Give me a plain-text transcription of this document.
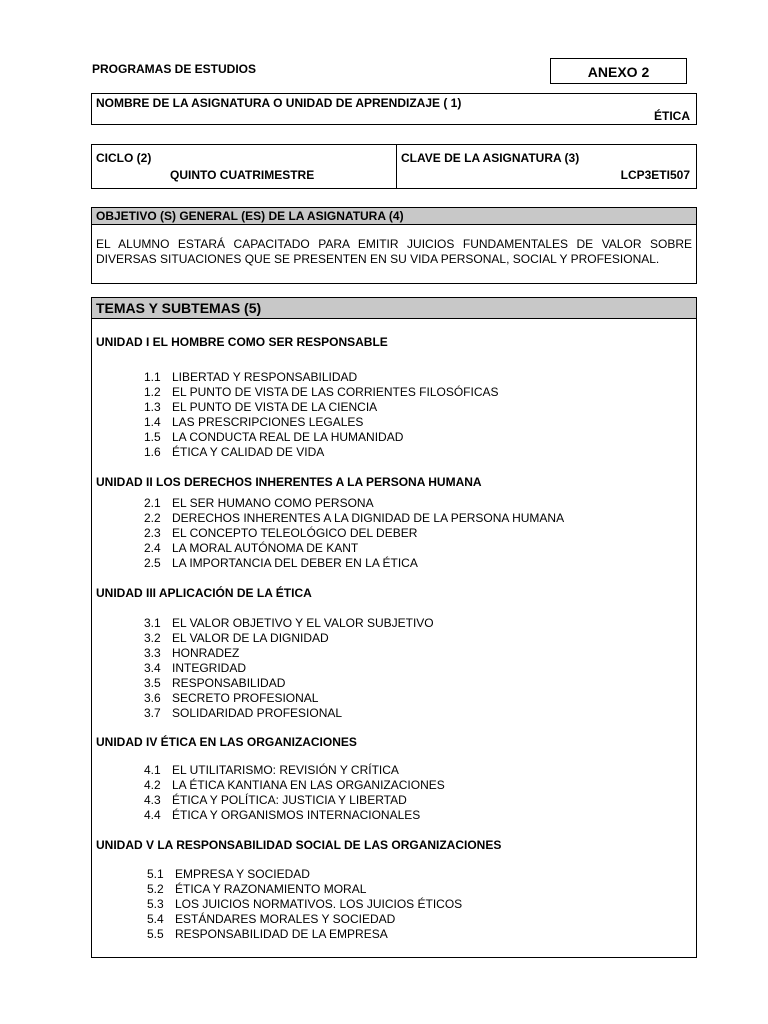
PROGRAMAS DE ESTUDIOS	ANEXO 2
NOMBRE DE LA ASIGNATURA O UNIDAD DE APRENDIZAJE ( 1)
ÉTICA
CICLO (2)
QUINTO CUATRIMESTRE
CLAVE DE LA ASIGNATURA (3)
LCP3ETI507
OBJETIVO (S) GENERAL (ES) DE LA ASIGNATURA (4)
EL ALUMNO ESTARÁ CAPACITADO PARA EMITIR JUICIOS FUNDAMENTALES DE VALOR SOBRE DIVERSAS SITUACIONES QUE SE PRESENTEN EN SU VIDA PERSONAL, SOCIAL Y PROFESIONAL.
TEMAS Y SUBTEMAS (5)
UNIDAD I EL HOMBRE COMO SER RESPONSABLE
1.1 LIBERTAD Y RESPONSABILIDAD
1.2 EL PUNTO DE VISTA DE LAS CORRIENTES FILOSÓFICAS
1.3 EL PUNTO DE VISTA DE LA CIENCIA
1.4 LAS PRESCRIPCIONES LEGALES
1.5 LA CONDUCTA REAL DE LA HUMANIDAD
1.6 ÉTICA Y CALIDAD DE VIDA
UNIDAD II LOS DERECHOS INHERENTES A LA PERSONA HUMANA
2.1 EL SER HUMANO COMO PERSONA
2.2 DERECHOS INHERENTES A LA DIGNIDAD DE LA PERSONA HUMANA
2.3 EL CONCEPTO TELEOLÓGICO DEL DEBER
2.4 LA MORAL AUTÓNOMA DE KANT
2.5 LA IMPORTANCIA DEL DEBER EN LA ÉTICA
UNIDAD III APLICACIÓN DE LA ÉTICA
3.1 EL VALOR OBJETIVO Y EL VALOR SUBJETIVO
3.2 EL VALOR DE LA DIGNIDAD
3.3 HONRADEZ
3.4 INTEGRIDAD
3.5 RESPONSABILIDAD
3.6 SECRETO PROFESIONAL
3.7 SOLIDARIDAD PROFESIONAL
UNIDAD IV ÉTICA EN LAS ORGANIZACIONES
4.1 EL UTILITARISMO: REVISIÓN Y CRÍTICA
4.2 LA ÉTICA KANTIANA EN LAS ORGANIZACIONES
4.3 ÉTICA Y POLÍTICA: JUSTICIA Y LIBERTAD
4.4 ÉTICA Y ORGANISMOS INTERNACIONALES
UNIDAD V LA RESPONSABILIDAD SOCIAL DE LAS ORGANIZACIONES
5.1 EMPRESA Y SOCIEDAD
5.2 ÉTICA Y RAZONAMIENTO MORAL
5.3 LOS JUICIOS NORMATIVOS. LOS JUICIOS ÉTICOS
5.4 ESTÁNDARES MORALES Y SOCIEDAD
5.5 RESPONSABILIDAD DE LA EMPRESA
